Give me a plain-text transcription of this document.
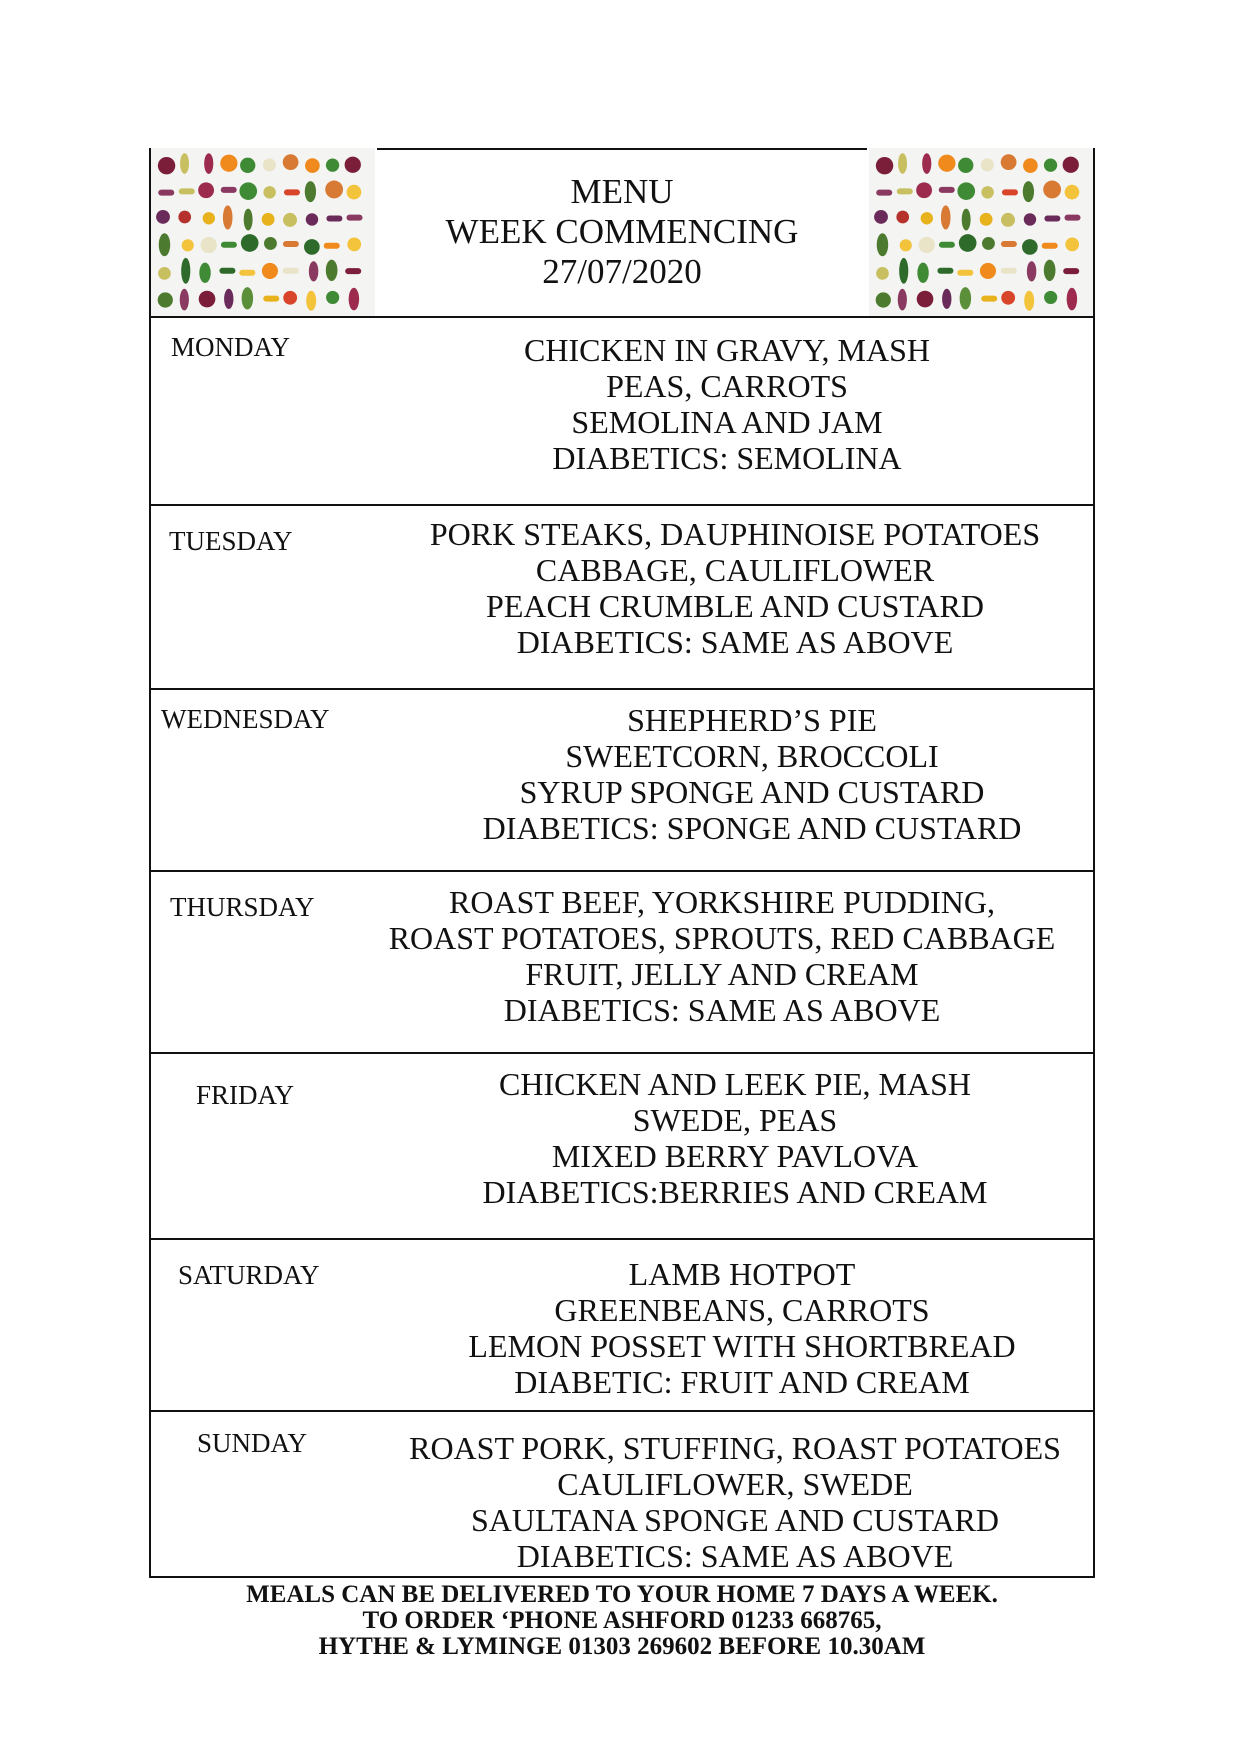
MENU
WEEK COMMENCING
27/07/2020
MONDAY	CHICKEN IN GRAVY, MASH
PEAS, CARROTS
SEMOLINA AND JAM
DIABETICS: SEMOLINA
TUESDAY	PORK STEAKS, DAUPHINOISE POTATOES
CABBAGE, CAULIFLOWER
PEACH CRUMBLE AND CUSTARD
DIABETICS: SAME AS ABOVE
WEDNESDAY	SHEPHERD’S PIE
SWEETCORN, BROCCOLI
SYRUP SPONGE AND CUSTARD
DIABETICS: SPONGE AND CUSTARD
THURSDAY	ROAST BEEF, YORKSHIRE PUDDING,
ROAST POTATOES, SPROUTS, RED CABBAGE
FRUIT, JELLY AND CREAM
DIABETICS: SAME AS ABOVE
FRIDAY	CHICKEN AND LEEK PIE, MASH
SWEDE, PEAS
MIXED BERRY PAVLOVA
DIABETICS:BERRIES AND CREAM
SATURDAY	LAMB HOTPOT
GREENBEANS, CARROTS
LEMON POSSET WITH SHORTBREAD
DIABETIC: FRUIT AND CREAM
SUNDAY	ROAST PORK, STUFFING, ROAST POTATOES
CAULIFLOWER, SWEDE
SAULTANA SPONGE AND CUSTARD
DIABETICS: SAME AS ABOVE
MEALS CAN BE DELIVERED TO YOUR HOME 7 DAYS A WEEK.
TO ORDER ‘PHONE ASHFORD 01233 668765,
HYTHE & LYMINGE 01303 269602 BEFORE 10.30AM
